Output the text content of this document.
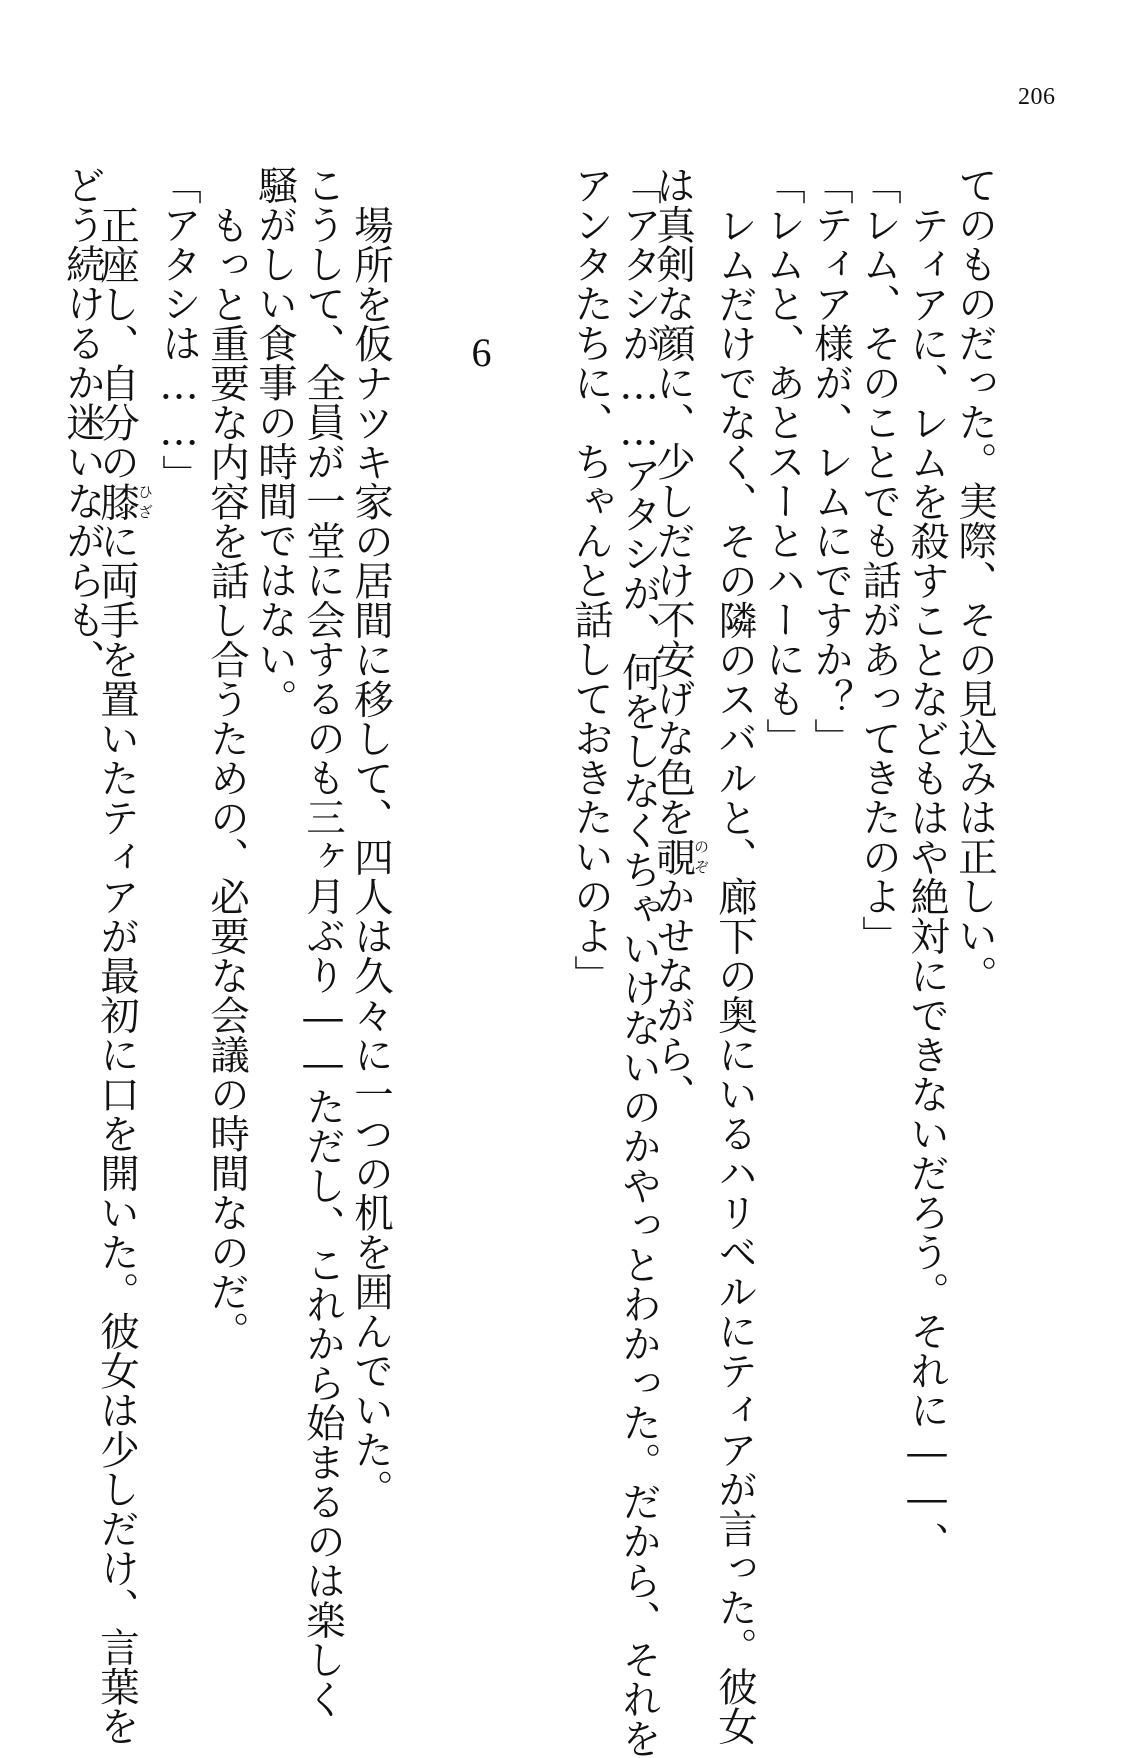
206
てのものだった。実際、その見込みは正しい。
ティアに、レムを殺すことなどもはや絶対にできないだろう。それに――、
「レム、そのことでも話があってきたのよ」
「ティア様が、レムにですか？」
「レムと、あとスーとハーにも」
レムだけでなく、その隣のスバルと、廊下の奥にいるハリベルにティアが言った。彼女
は真剣な顔に、少しだけ不安げな色を覗のぞかせながら、
「アタシが……アタシが、何をしなくちゃいけないのかやっとわかった。だから、それを
アンタたちに、ちゃんと話しておきたいのよ」
6
場所を仮ナツキ家の居間に移して、四人は久々に一つの机を囲んでいた。
こうして、全員が一堂に会するのも三ヶ月ぶり――ただし、これから始まるのは楽しく
騒がしい食事の時間ではない。
もっと重要な内容を話し合うための、必要な会議の時間なのだ。
「アタシは……」
正座し、自分の膝ひざに両手を置いたティアが最初に口を開いた。彼女は少しだけ、言葉を
どう続けるか迷いながらも、
